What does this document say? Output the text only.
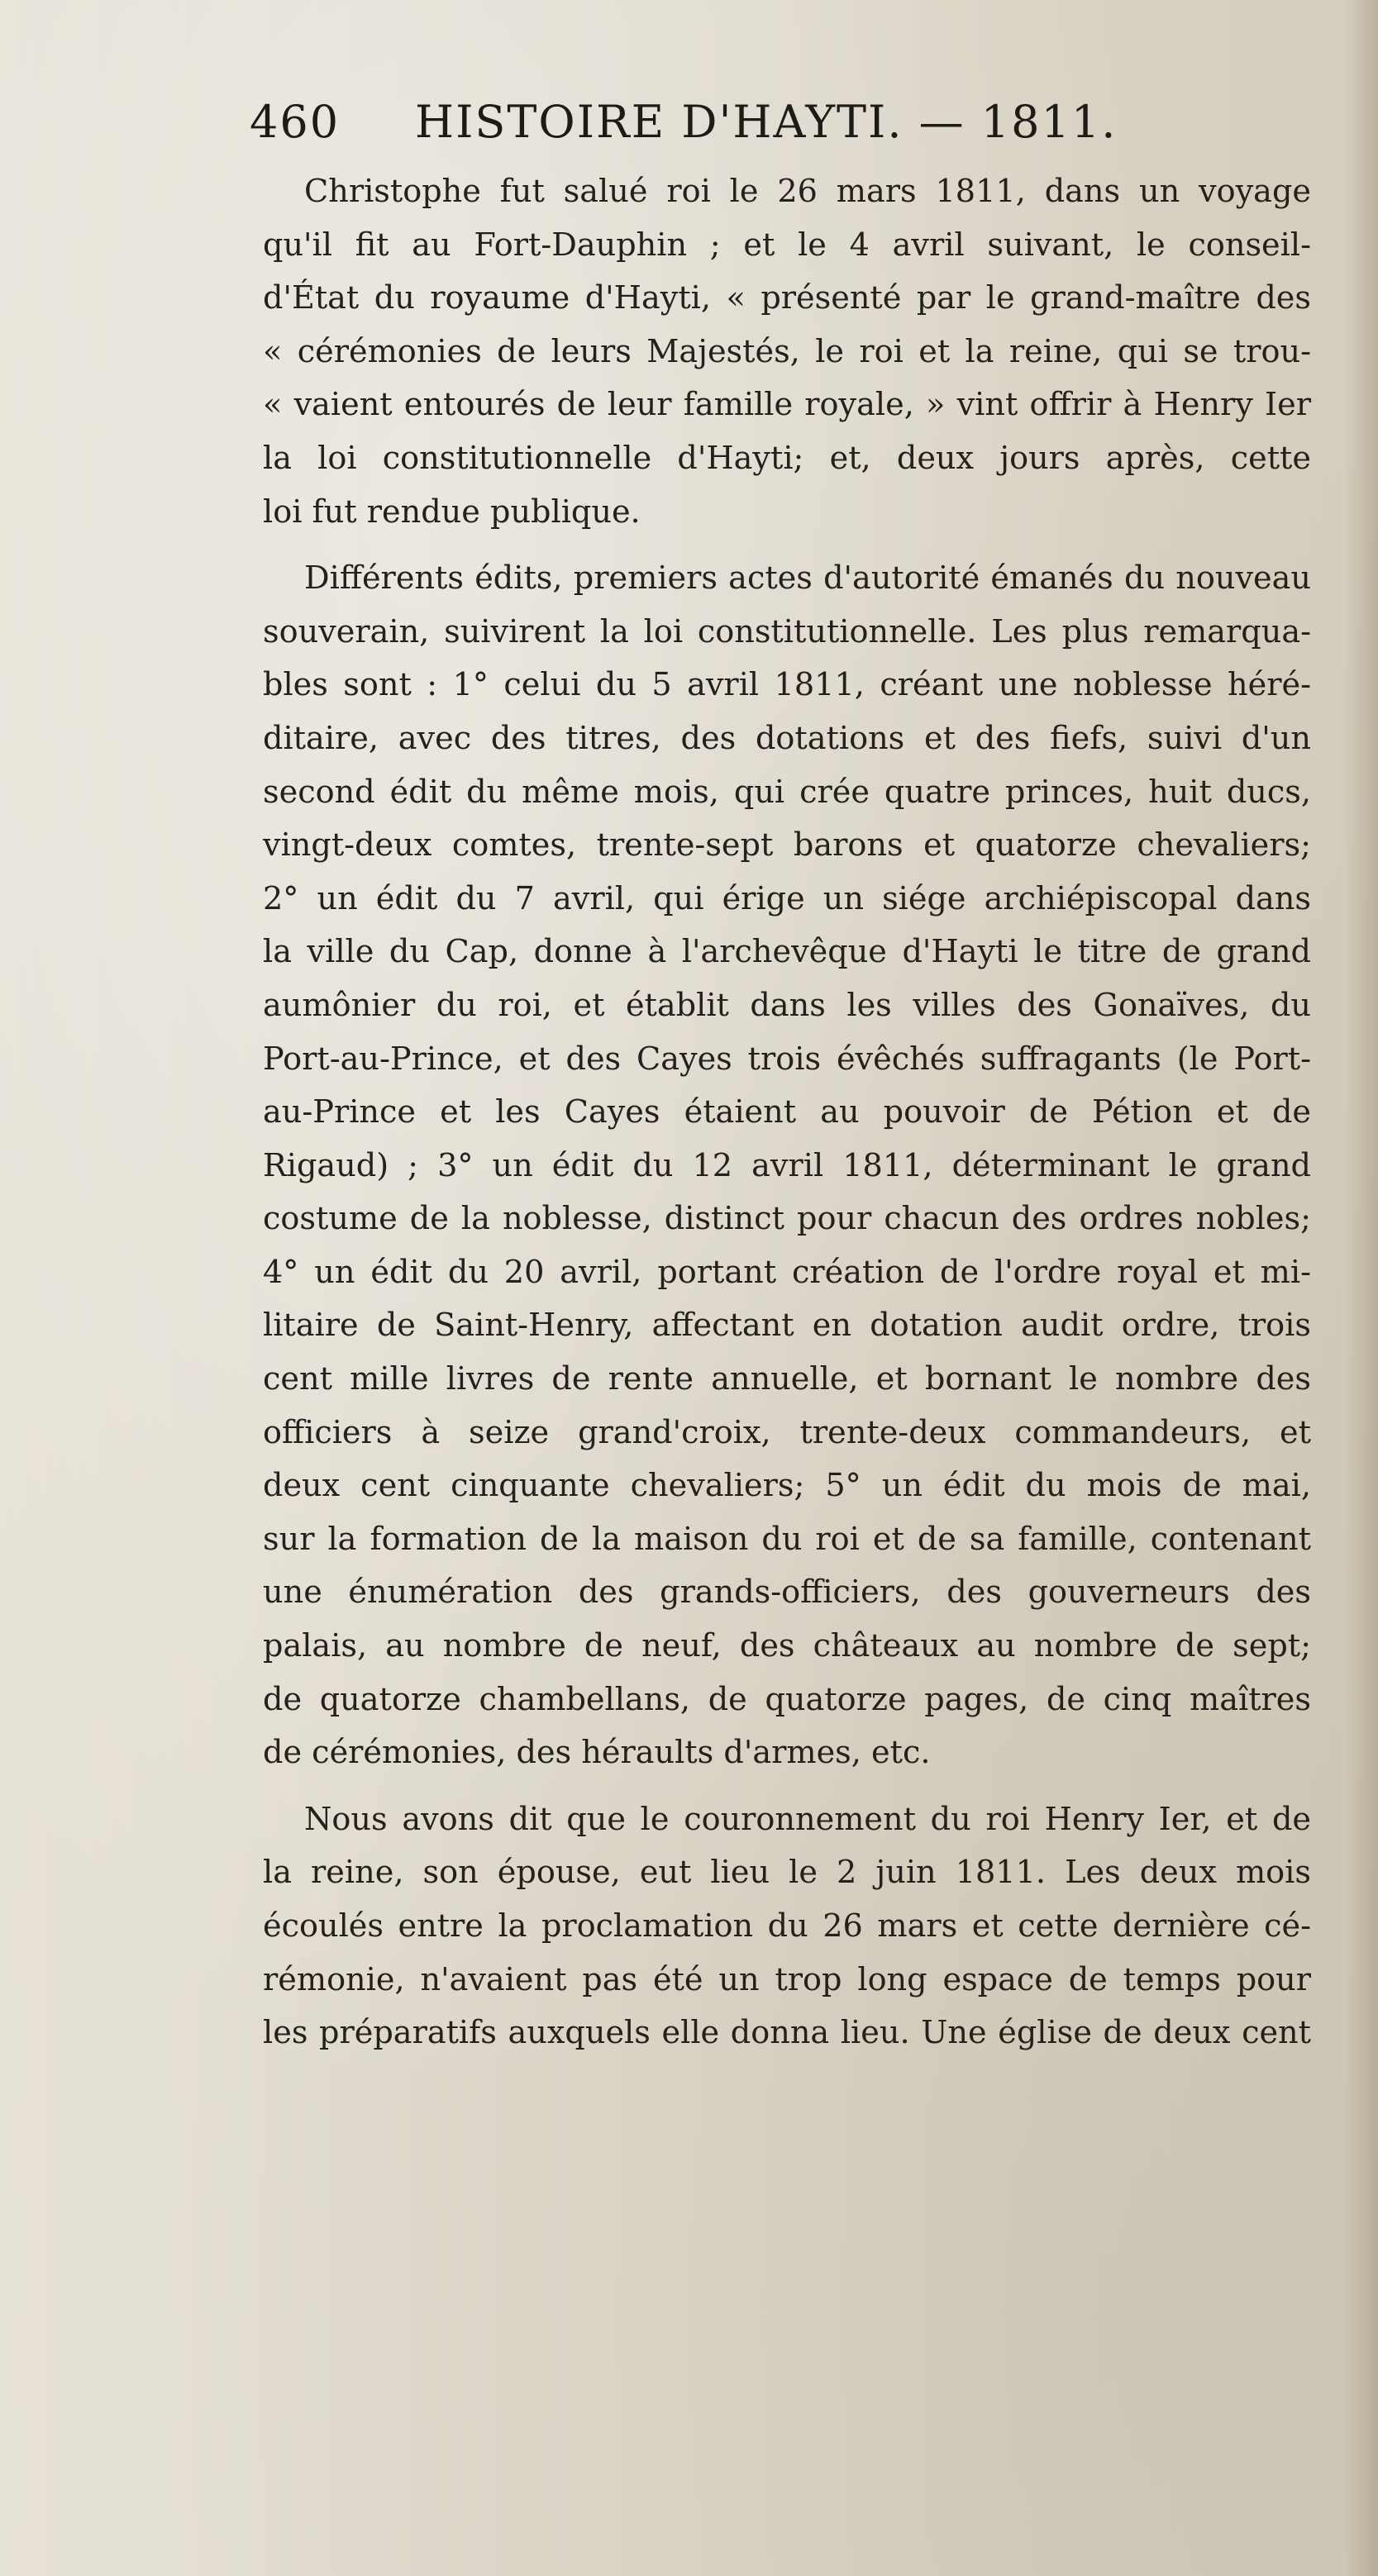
460 HISTOIRE D'HAYTI. — 1811.
Christophe fut salué roi le 26 mars 1811, dans un voyage
qu'il fit au Fort-Dauphin ; et le 4 avril suivant, le conseil-
d'État du royaume d'Hayti, « présenté par le grand-maître des
« cérémonies de leurs Majestés, le roi et la reine, qui se trou-
« vaient entourés de leur famille royale, » vint offrir à Henry Ier
la loi constitutionnelle d'Hayti; et, deux jours après, cette
loi fut rendue publique.
Différents édits, premiers actes d'autorité émanés du nouveau
souverain, suivirent la loi constitutionnelle. Les plus remarqua-
bles sont : 1° celui du 5 avril 1811, créant une noblesse héré-
ditaire, avec des titres, des dotations et des fiefs, suivi d'un
second édit du même mois, qui crée quatre princes, huit ducs,
vingt-deux comtes, trente-sept barons et quatorze chevaliers;
2° un édit du 7 avril, qui érige un siége archiépiscopal dans
la ville du Cap, donne à l'archevêque d'Hayti le titre de grand
aumônier du roi, et établit dans les villes des Gonaïves, du
Port-au-Prince, et des Cayes trois évêchés suffragants (le Port-
au-Prince et les Cayes étaient au pouvoir de Pétion et de
Rigaud) ; 3° un édit du 12 avril 1811, déterminant le grand
costume de la noblesse, distinct pour chacun des ordres nobles;
4° un édit du 20 avril, portant création de l'ordre royal et mi-
litaire de Saint-Henry, affectant en dotation audit ordre, trois
cent mille livres de rente annuelle, et bornant le nombre des
officiers à seize grand'croix, trente-deux commandeurs, et
deux cent cinquante chevaliers; 5° un édit du mois de mai,
sur la formation de la maison du roi et de sa famille, contenant
une énumération des grands-officiers, des gouverneurs des
palais, au nombre de neuf, des châteaux au nombre de sept;
de quatorze chambellans, de quatorze pages, de cinq maîtres
de cérémonies, des héraults d'armes, etc.
Nous avons dit que le couronnement du roi Henry Ier, et de
la reine, son épouse, eut lieu le 2 juin 1811. Les deux mois
écoulés entre la proclamation du 26 mars et cette dernière cé-
rémonie, n'avaient pas été un trop long espace de temps pour
les préparatifs auxquels elle donna lieu. Une église de deux cent
